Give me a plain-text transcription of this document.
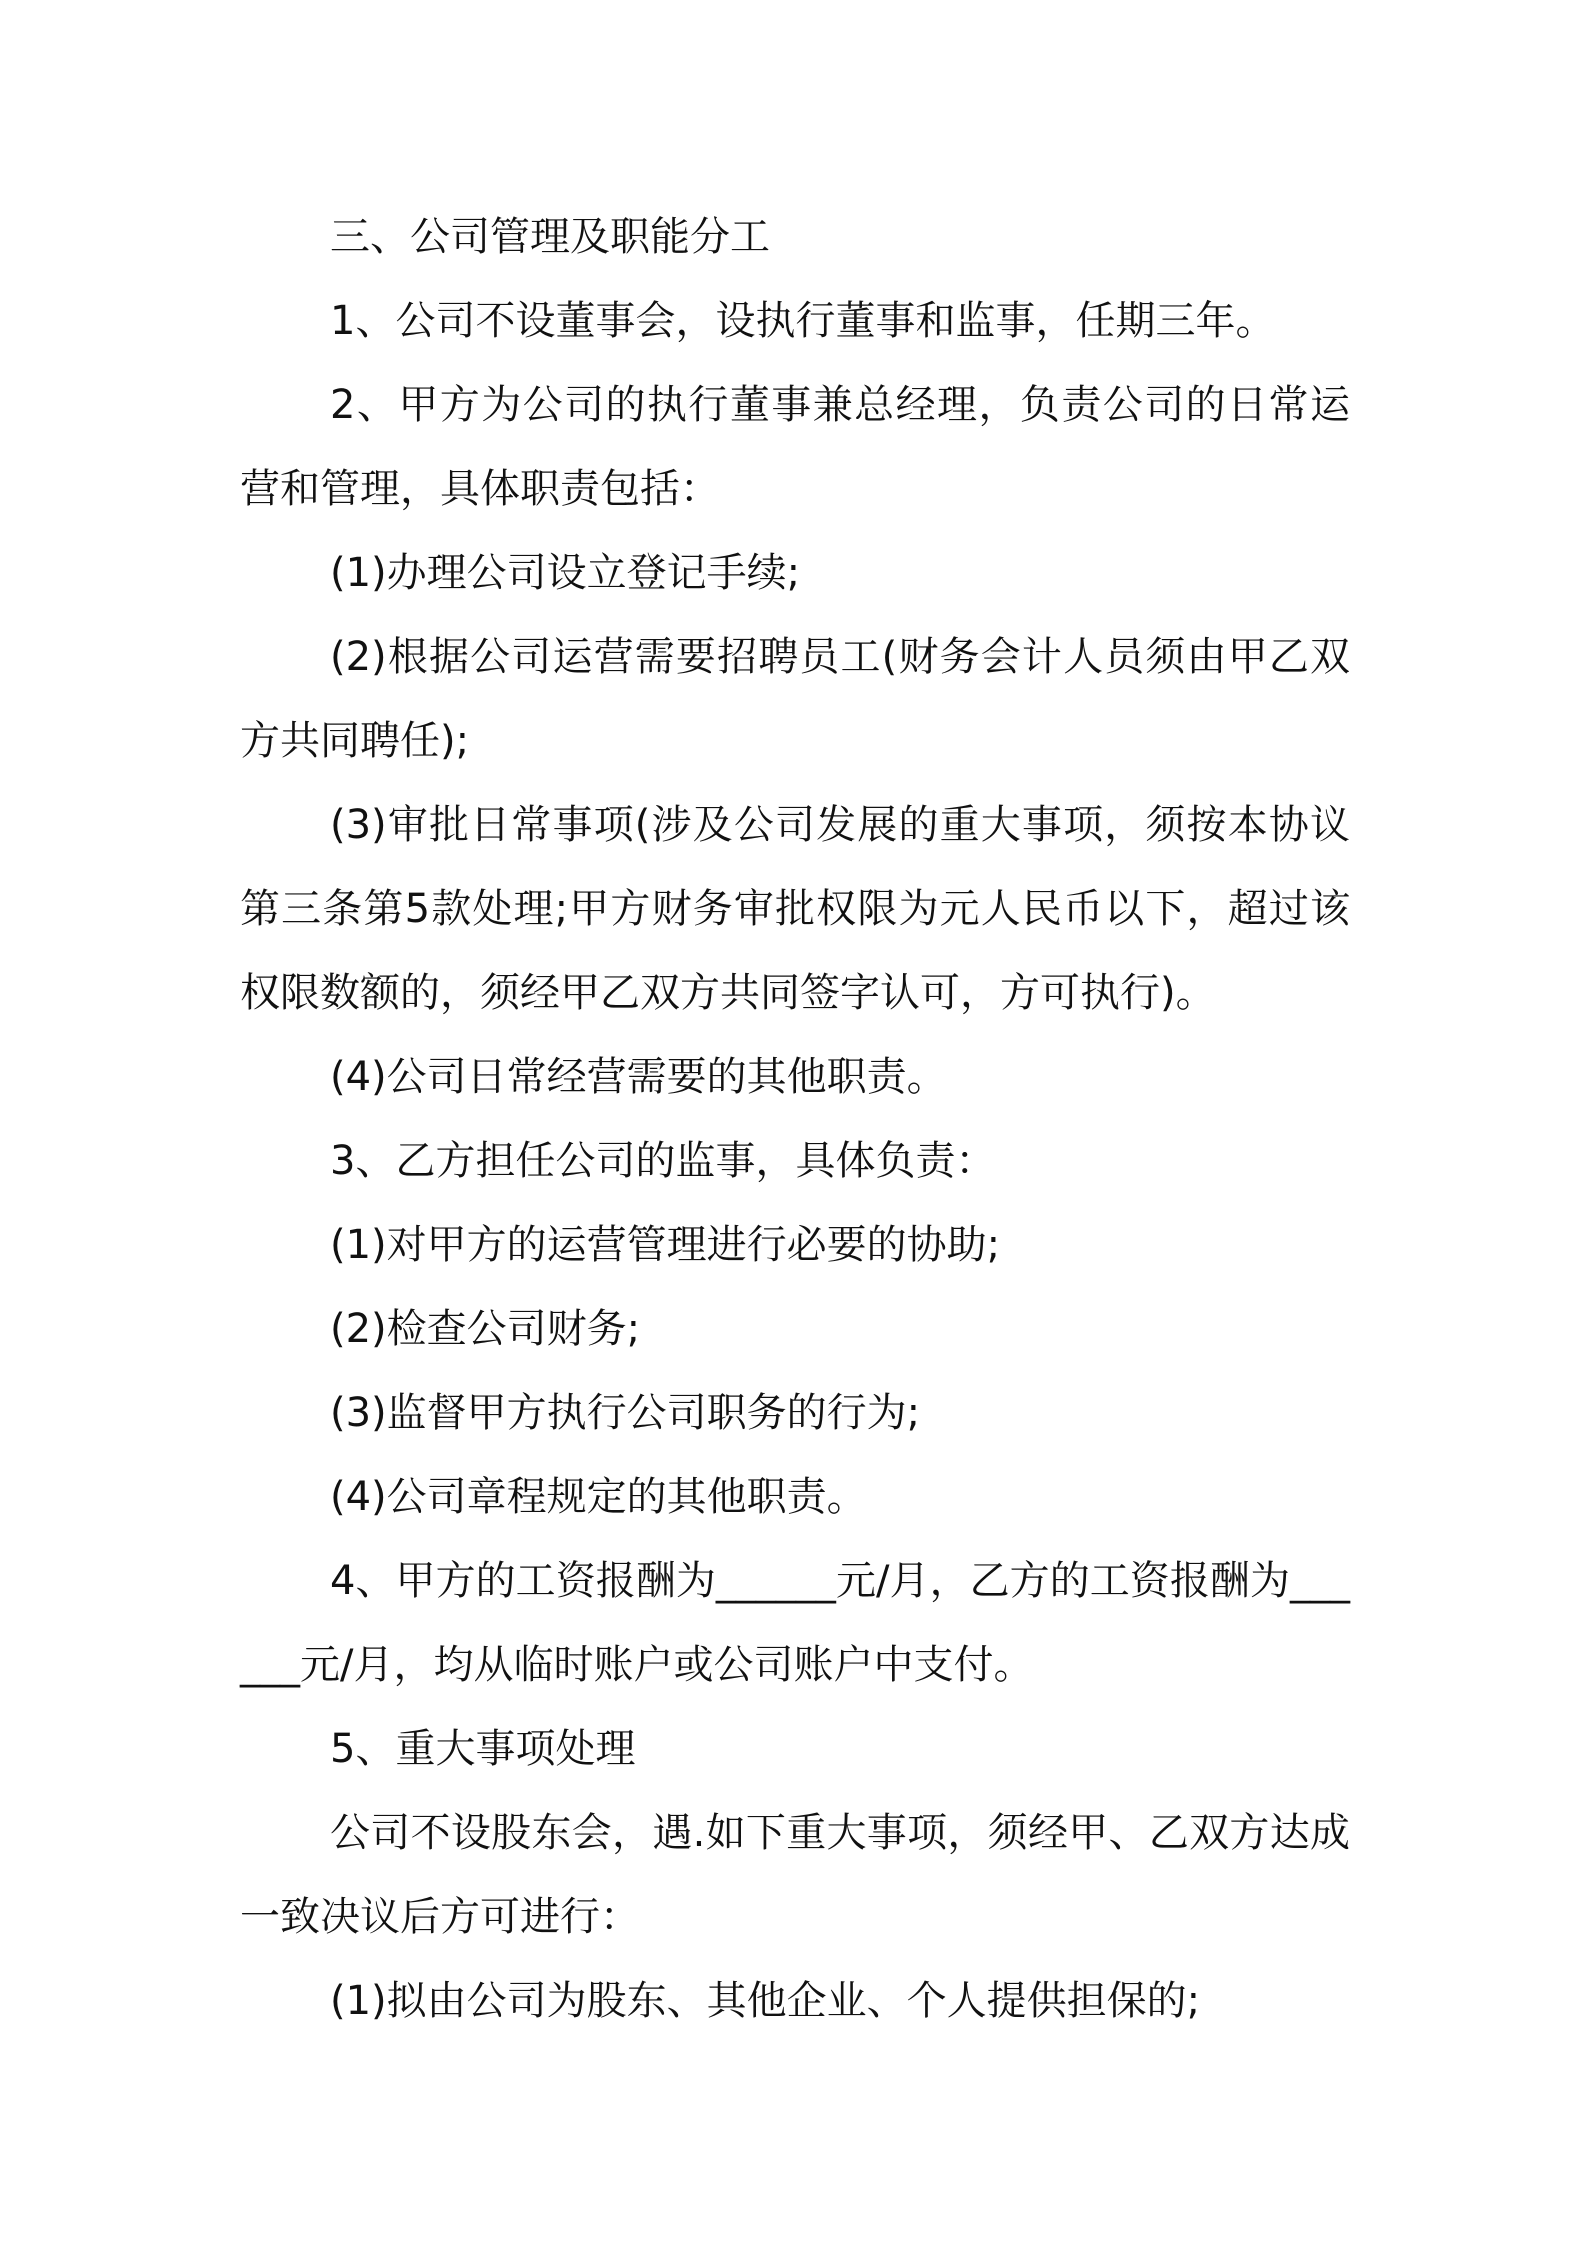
三、公司管理及职能分工

1、公司不设董事会，设执行董事和监事，任期三年。

2、甲方为公司的执行董事兼总经理，负责公司的日常运营和管理，具体职责包括：

(1)办理公司设立登记手续;

(2)根据公司运营需要招聘员工(财务会计人员须由甲乙双方共同聘任);

(3)审批日常事项(涉及公司发展的重大事项，须按本协议第三条第5款处理;甲方财务审批权限为元人民币以下，超过该权限数额的，须经甲乙双方共同签字认可，方可执行)。

(4)公司日常经营需要的其他职责。

3、乙方担任公司的监事，具体负责：

(1)对甲方的运营管理进行必要的协助;

(2)检查公司财务;

(3)监督甲方执行公司职务的行为;

(4)公司章程规定的其他职责。

4、甲方的工资报酬为______元/月，乙方的工资报酬为______元/月，均从临时账户或公司账户中支付。

5、重大事项处理

公司不设股东会，遇.如下重大事项，须经甲、乙双方达成一致决议后方可进行：

(1)拟由公司为股东、其他企业、个人提供担保的;
